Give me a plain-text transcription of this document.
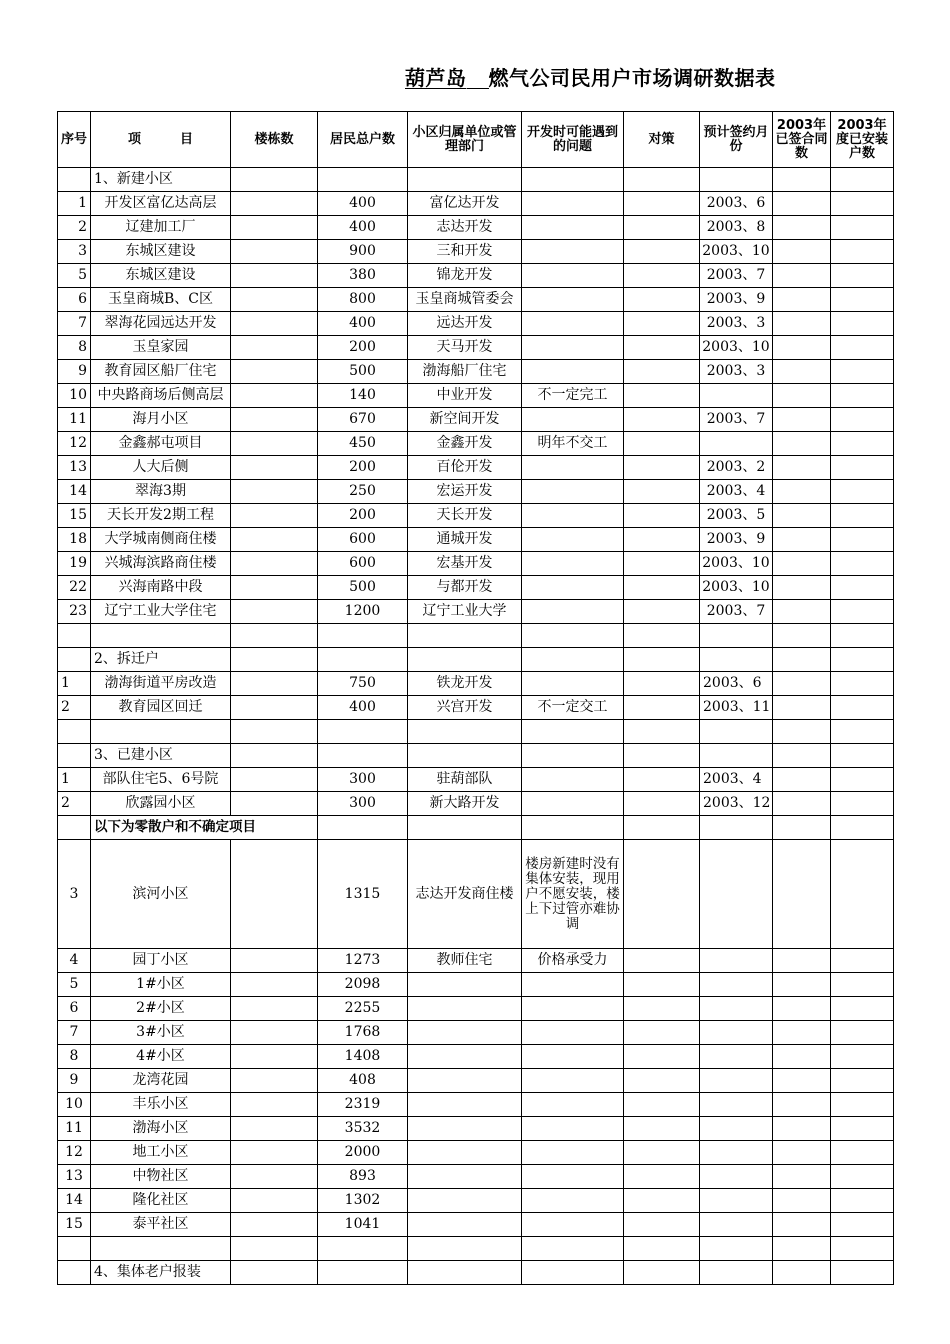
葫芦岛 燃气公司民用户市场调研数据表
序号	项　　　目	楼栋数	居民总户数	小区归属单位或管理部门	开发时可能遇到的问题	对策	预计签约月份	2003年已签合同数	2003年度已安装户数
	1、新建小区								
1	开发区富亿达高层		400	富亿达开发			2003、6		
2	辽建加工厂		400	志达开发			2003、8		
3	东城区建设		900	三和开发			2003、10		
5	东城区建设		380	锦龙开发			2003、7		
6	玉皇商城B、C区		800	玉皇商城管委会			2003、9		
7	翠海花园远达开发		400	远达开发			2003、3		
8	玉皇家园		200	天马开发			2003、10		
9	教育园区船厂住宅		500	渤海船厂住宅			2003、3		
10	中央路商场后侧高层		140	中业开发	不一定完工				
11	海月小区		670	新空间开发			2003、7		
12	金鑫郝屯项目		450	金鑫开发	明年不交工				
13	人大后侧		200	百伦开发			2003、2		
14	翠海3期		250	宏运开发			2003、4		
15	天长开发2期工程		200	天长开发			2003、5		
18	大学城南侧商住楼		600	通城开发			2003、9		
19	兴城海滨路商住楼		600	宏基开发			2003、10		
22	兴海南路中段		500	与都开发			2003、10		
23	辽宁工业大学住宅		1200	辽宁工业大学			2003、7		

	2、拆迁户								
1	渤海街道平房改造		750	铁龙开发			2003、6		
2	教育园区回迁		400	兴宫开发	不一定交工		2003、11		

	3、已建小区								
1	部队住宅5、6号院		300	驻葫部队			2003、4		
2	欣露园小区		300	新大路开发			2003、12		
	以下为零散户和不确定项目								
3	滨河小区		1315	志达开发商住楼	楼房新建时没有集体安装，现用户不愿安装，楼上下过管亦难协调				
4	园丁小区		1273	教师住宅	价格承受力				
5	1#小区		2098						
6	2#小区		2255						
7	3#小区		1768						
8	4#小区		1408						
9	龙湾花园		408						
10	丰乐小区		2319						
11	渤海小区		3532						
12	地工小区		2000						
13	中物社区		893						
14	隆化社区		1302						
15	泰平社区		1041						

	4、集体老户报装								
